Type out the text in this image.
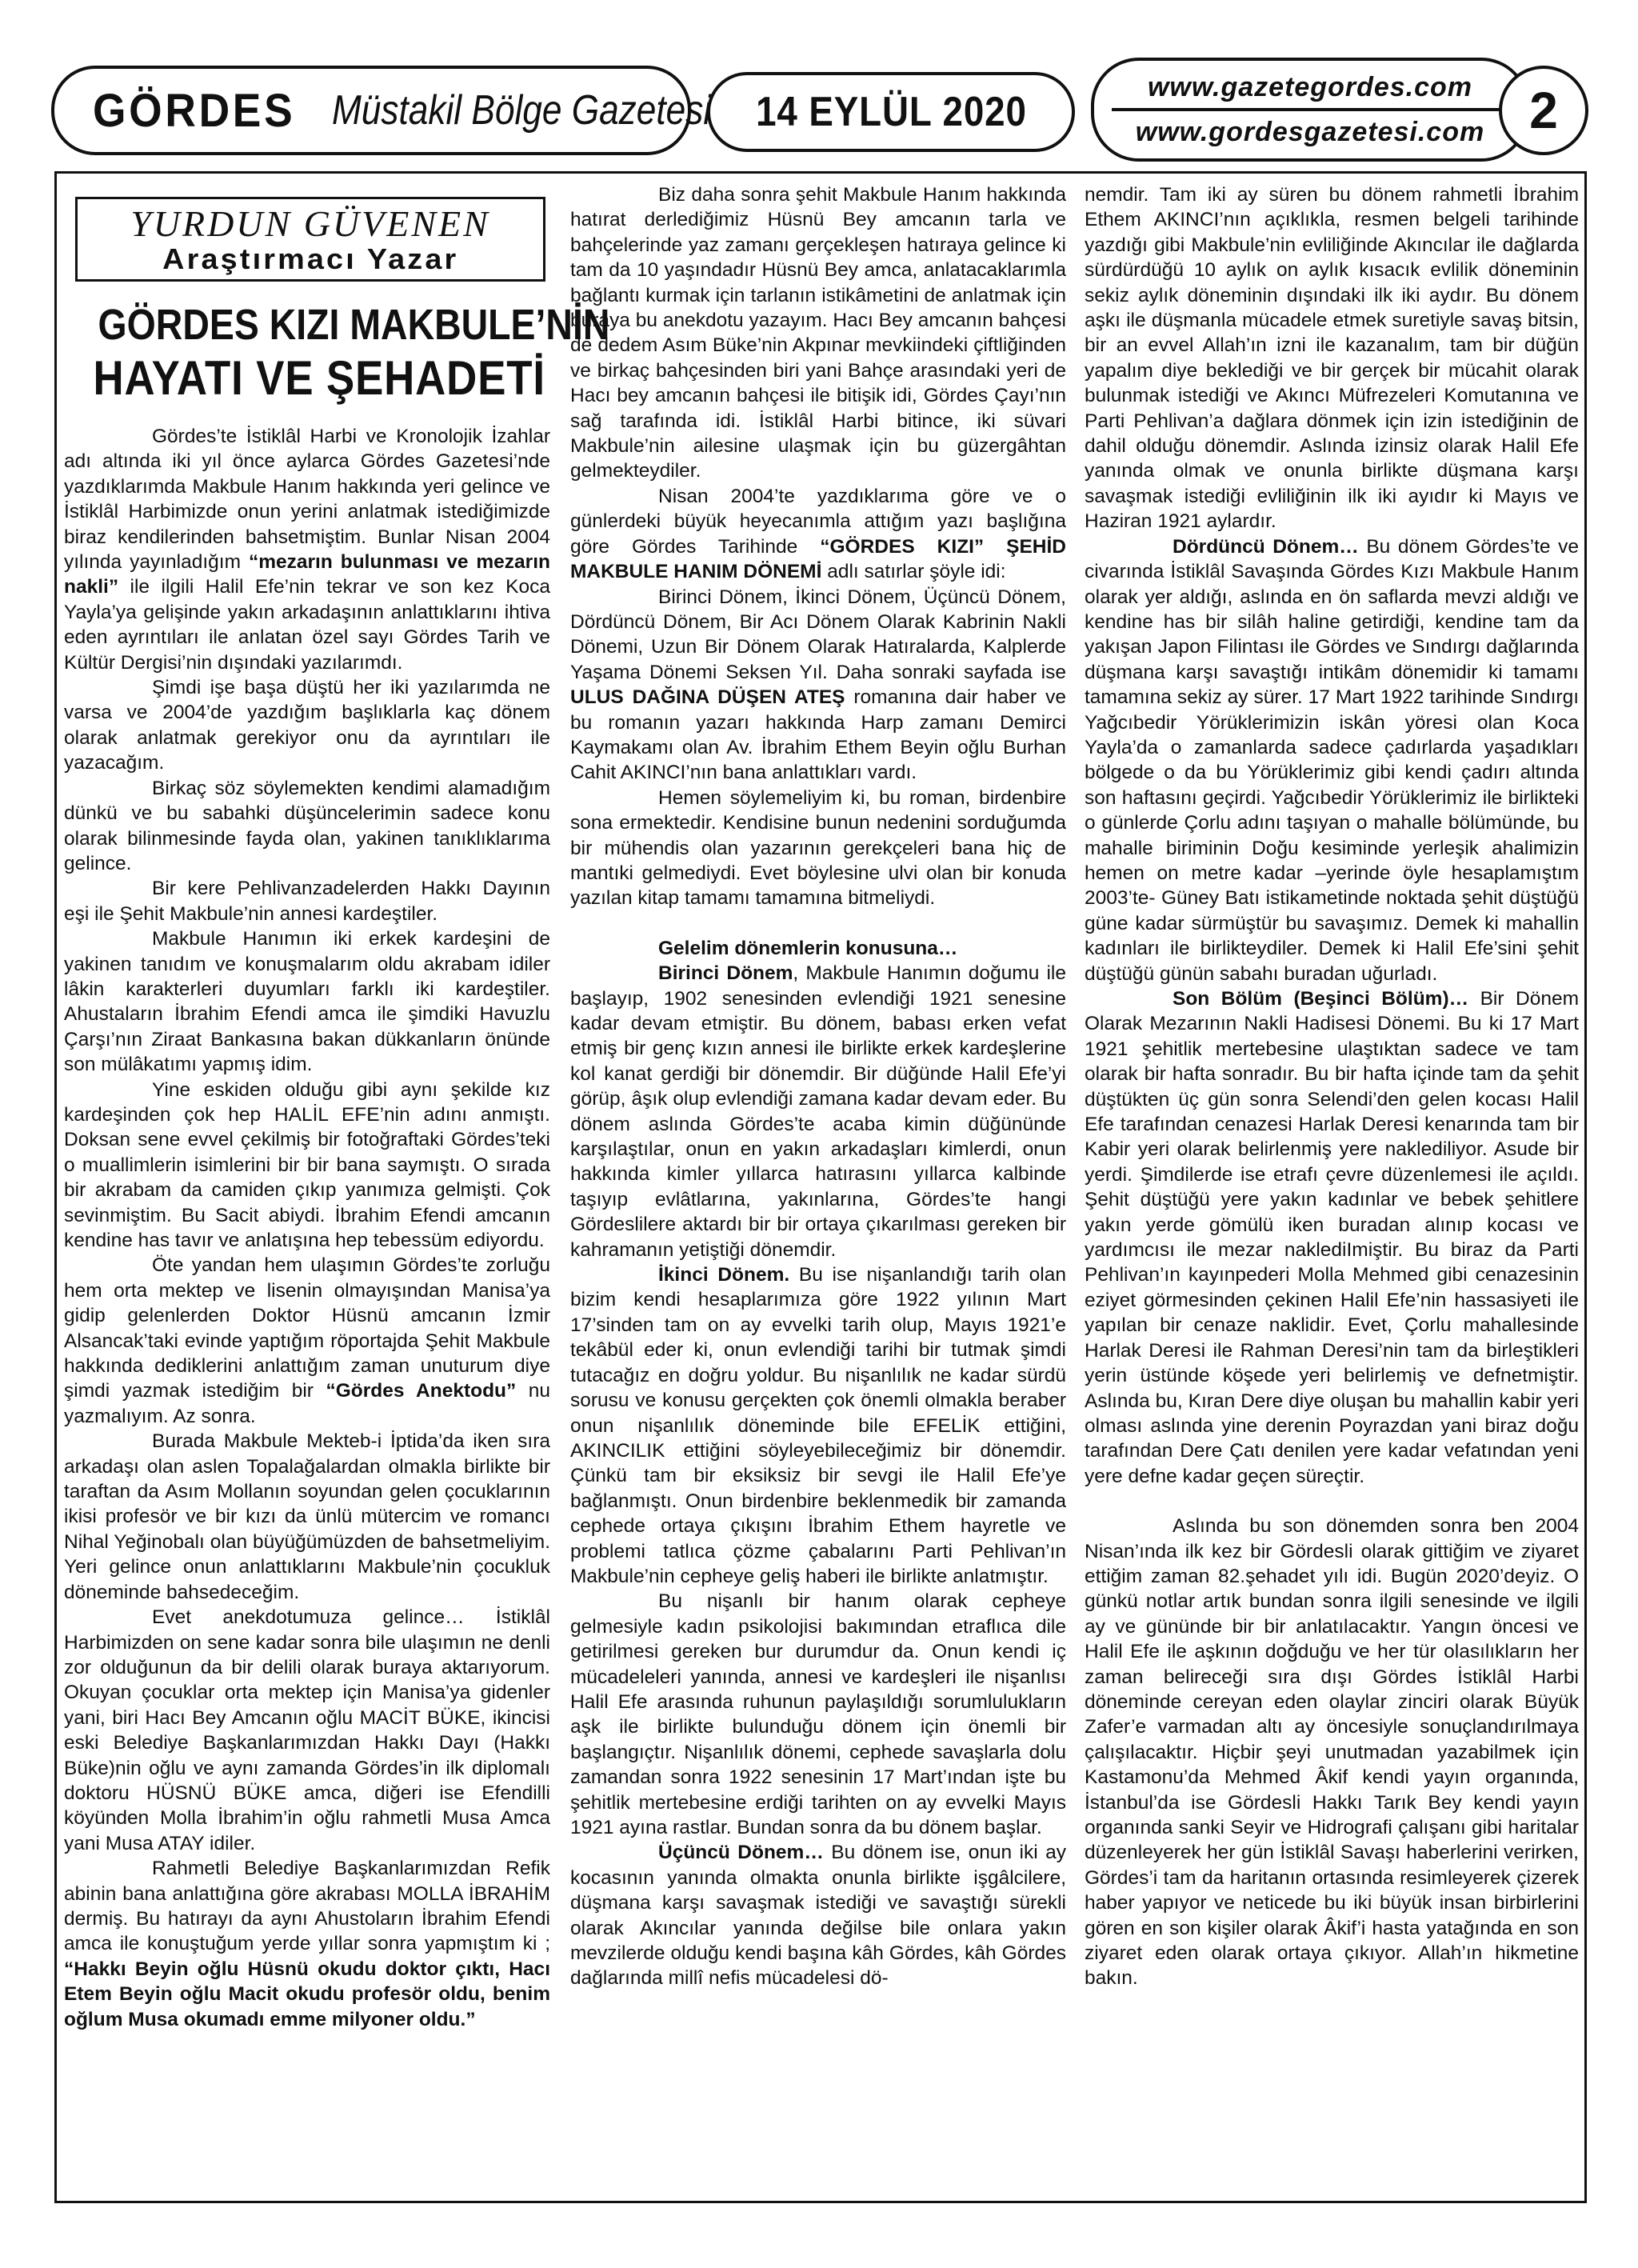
GÖRDES Müstakil Bölge Gazetesi 14 EYLÜL 2020
www.gazetegordes.com
www.gordesgazetesi.com 2
YURDUN GÜVENEN
Araştırmacı Yazar
GÖRDES KIZI MAKBULE’NİN
HAYATI VE ŞEHADETİ

Gördes’te İstiklâl Harbi ve Kronolojik İzahlar adı altında iki yıl önce aylarca Gördes Gazetesi’nde yazdıklarımda Makbule Hanım hakkında yeri gelince ve İstiklâl Harbimizde onun yerini anlatmak istediğimizde biraz kendilerinden bahsetmiştim. Bunlar Nisan 2004 yılında yayınladığım “mezarın bulunması ve mezarın nakli” ile ilgili Halil Efe’nin tekrar ve son kez Koca Yayla’ya gelişinde yakın arkadaşının anlattıklarını ihtiva eden ayrıntıları ile anlatan özel sayı Gördes Tarih ve Kültür Dergisi’nin dışındaki yazılarımdı.

Şimdi işe başa düştü her iki yazılarımda ne varsa ve 2004’de yazdığım başlıklarla kaç dönem olarak anlatmak gerekiyor onu da ayrıntıları ile yazacağım.

Birkaç söz söylemekten kendimi alamadığım dünkü ve bu sabahki düşüncelerimin sadece konu olarak bilinmesinde fayda olan, yakinen tanıklıklarıma gelince.

Bir kere Pehlivanzadelerden Hakkı Dayının eşi ile Şehit Makbule’nin annesi kardeştiler.

Makbule Hanımın iki erkek kardeşini de yakinen tanıdım ve konuşmalarım oldu akrabam idiler lâkin karakterleri duyumları farklı iki kardeştiler. Ahustaların İbrahim Efendi amca ile şimdiki Havuzlu Çarşı’nın Ziraat Bankasına bakan dükkanların önünde son mülâkatımı yapmış idim.

Yine eskiden olduğu gibi aynı şekilde kız kardeşinden çok hep HALİL EFE’nin adını anmıştı. Doksan sene evvel çekilmiş bir fotoğraftaki Gördes’teki o muallimlerin isimlerini bir bir bana saymıştı. O sırada bir akrabam da camiden çıkıp yanımıza gelmişti. Çok sevinmiştim. Bu Sacit abiydi. İbrahim Efendi amcanın kendine has tavır ve anlatışına hep tebessüm ediyordu.

Öte yandan hem ulaşımın Gördes’te zorluğu hem orta mektep ve lisenin olmayışından Manisa’ya gidip gelenlerden Doktor Hüsnü amcanın İzmir Alsancak’taki evinde yaptığım röportajda Şehit Makbule hakkında dediklerini anlattığım zaman unuturum diye şimdi yazmak istediğim bir “Gördes Anektodu” nu yazmalıyım. Az sonra.

Burada Makbule Mekteb-i İptida’da iken sıra arkadaşı olan aslen Topalağalardan olmakla birlikte bir taraftan da Asım Mollanın soyundan gelen çocuklarının ikisi profesör ve bir kızı da ünlü mütercim ve romancı Nihal Yeğinobalı olan büyüğümüzden de bahsetmeliyim. Yeri gelince onun anlattıklarını Makbule’nin çocukluk döneminde bahsedeceğim.

Evet anekdotumuza gelince… İstiklâl Harbimizden on sene kadar sonra bile ulaşımın ne denli zor olduğunun da bir delili olarak buraya aktarıyorum. Okuyan çocuklar orta mektep için Manisa’ya gidenler yani, biri Hacı Bey Amcanın oğlu MACİT BÜKE, ikincisi eski Belediye Başkanlarımızdan Hakkı Dayı (Hakkı Büke)nin oğlu ve aynı zamanda Gördes’in ilk diplomalı doktoru HÜSNÜ BÜKE amca, diğeri ise Efendilli köyünden Molla İbrahim’in oğlu rahmetli Musa Amca yani Musa ATAY idiler.

Rahmetli Belediye Başkanlarımızdan Refik abinin bana anlattığına göre akrabası MOLLA İBRAHİM dermiş. Bu hatırayı da aynı Ahustoların İbrahim Efendi amca ile konuştuğum yerde yıllar sonra yapmıştım ki ; “Hakkı Beyin oğlu Hüsnü okudu doktor çıktı, Hacı Etem Beyin oğlu Macit okudu profesör oldu, benim oğlum Musa okumadı emme milyoner oldu.”

Biz daha sonra şehit Makbule Hanım hakkında hatırat derlediğimiz Hüsnü Bey amcanın tarla ve bahçelerinde yaz zamanı gerçekleşen hatıraya gelince ki tam da 10 yaşındadır Hüsnü Bey amca, anlatacaklarımla bağlantı kurmak için tarlanın istikâmetini de anlatmak için buraya bu anekdotu yazayım. Hacı Bey amcanın bahçesi de dedem Asım Büke’nin Akpınar mevkiindeki çiftliğinden ve birkaç bahçesinden biri yani Bahçe arasındaki yeri de Hacı bey amcanın bahçesi ile bitişik idi, Gördes Çayı’nın sağ tarafında idi. İstiklâl Harbi bitince, iki süvari Makbule’nin ailesine ulaşmak için bu güzergâhtan gelmekteydiler.

Nisan 2004’te yazdıklarıma göre ve o günlerdeki büyük heyecanımla attığım yazı başlığına göre Gördes Tarihinde “GÖRDES KIZI” ŞEHİD MAKBULE HANIM DÖNEMİ adlı satırlar şöyle idi:

Birinci Dönem, İkinci Dönem, Üçüncü Dönem, Dördüncü Dönem, Bir Acı Dönem Olarak Kabrinin Nakli Dönemi, Uzun Bir Dönem Olarak Hatıralarda, Kalplerde Yaşama Dönemi Seksen Yıl. Daha sonraki sayfada ise ULUS DAĞINA DÜŞEN ATEŞ romanına dair haber ve bu romanın yazarı hakkında Harp zamanı Demirci Kaymakamı olan Av. İbrahim Ethem Beyin oğlu Burhan Cahit AKINCI’nın bana anlattıkları vardı.

Hemen söylemeliyim ki, bu roman, birdenbire sona ermektedir. Kendisine bunun nedenini sorduğumda bir mühendis olan yazarının gerekçeleri bana hiç de mantıki gelmediydi. Evet böylesine ulvi olan bir konuda yazılan kitap tamamı tamamına bitmeliydi.

Gelelim dönemlerin konusuna…

Birinci Dönem, Makbule Hanımın doğumu ile başlayıp, 1902 senesinden evlendiği 1921 senesine kadar devam etmiştir. Bu dönem, babası erken vefat etmiş bir genç kızın annesi ile birlikte erkek kardeşlerine kol kanat gerdiği bir dönemdir. Bir düğünde Halil Efe’yi görüp, âşık olup evlendiği zamana kadar devam eder. Bu dönem aslında Gördes’te acaba kimin düğününde karşılaştılar, onun en yakın arkadaşları kimlerdi, onun hakkında kimler yıllarca hatırasını yıllarca kalbinde taşıyıp evlâtlarına, yakınlarına, Gördes’te hangi Gördeslilere aktardı bir bir ortaya çıkarılması gereken bir kahramanın yetiştiği dönemdir.

İkinci Dönem. Bu ise nişanlandığı tarih olan bizim kendi hesaplarımıza göre 1922 yılının Mart 17’sinden tam on ay evvelki tarih olup, Mayıs 1921’e tekâbül eder ki, onun evlendiği tarihi bir tutmak şimdi tutacağız en doğru yoldur. Bu nişanlılık ne kadar sürdü sorusu ve konusu gerçekten çok önemli olmakla beraber onun nişanlılık döneminde bile EFELİK ettiğini, AKINCILIK ettiğini söyleyebileceğimiz bir dönemdir. Çünkü tam bir eksiksiz bir sevgi ile Halil Efe’ye bağlanmıştı. Onun birdenbire beklenmedik bir zamanda cephede ortaya çıkışını İbrahim Ethem hayretle ve problemi tatlıca çözme çabalarını Parti Pehlivan’ın Makbule’nin cepheye geliş haberi ile birlikte anlatmıştır.

Bu nişanlı bir hanım olarak cepheye gelmesiyle kadın psikolojisi bakımından etraflıca dile getirilmesi gereken bur durumdur da. Onun kendi iç mücadeleleri yanında, annesi ve kardeşleri ile nişanlısı Halil Efe arasında ruhunun paylaşıldığı sorumlulukların aşk ile birlikte bulunduğu dönem için önemli bir başlangıçtır. Nişanlılık dönemi, cephede savaşlarla dolu zamandan sonra 1922 senesinin 17 Mart’ından işte bu şehitlik mertebesine erdiği tarihten on ay evvelki Mayıs 1921 ayına rastlar. Bundan sonra da bu dönem başlar.

Üçüncü Dönem… Bu dönem ise, onun iki ay kocasının yanında olmakta onunla birlikte işgâlcilere, düşmana karşı savaşmak istediği ve savaştığı sürekli olarak Akıncılar yanında değilse bile onlara yakın mevzilerde olduğu kendi başına kâh Gördes, kâh Gördes dağlarında millî nefis mücadelesi dö-

nemdir. Tam iki ay süren bu dönem rahmetli İbrahim Ethem AKINCI’nın açıklıkla, resmen belgeli tarihinde yazdığı gibi Makbule’nin evliliğinde Akıncılar ile dağlarda sürdürdüğü 10 aylık on aylık kısacık evlilik döneminin sekiz aylık döneminin dışındaki ilk iki aydır. Bu dönem aşkı ile düşmanla mücadele etmek suretiyle savaş bitsin, bir an evvel Allah’ın izni ile kazanalım, tam bir düğün yapalım diye beklediği ve bir gerçek bir mücahit olarak bulunmak istediği ve Akıncı Müfrezeleri Komutanına ve Parti Pehlivan’a dağlara dönmek için izin istediğinin de dahil olduğu dönemdir. Aslında izinsiz olarak Halil Efe yanında olmak ve onunla birlikte düşmana karşı savaşmak istediği evliliğinin ilk iki ayıdır ki Mayıs ve Haziran 1921 aylardır.

Dördüncü Dönem… Bu dönem Gördes’te ve civarında İstiklâl Savaşında Gördes Kızı Makbule Hanım olarak yer aldığı, aslında en ön saflarda mevzi aldığı ve kendine has bir silâh haline getirdiği, kendine tam da yakışan Japon Filintası ile Gördes ve Sındırgı dağlarında düşmana karşı savaştığı intikâm dönemidir ki tamamı tamamına sekiz ay sürer. 17 Mart 1922 tarihinde Sındırgı Yağcıbedir Yörüklerimizin iskân yöresi olan Koca Yayla’da o zamanlarda sadece çadırlarda yaşadıkları bölgede o da bu Yörüklerimiz gibi kendi çadırı altında son haftasını geçirdi. Yağcıbedir Yörüklerimiz ile birlikteki o günlerde Çorlu adını taşıyan o mahalle bölümünde, bu mahalle biriminin Doğu kesiminde yerleşik ahalimizin hemen on metre kadar –yerinde öyle hesaplamıştım 2003’te- Güney Batı istikametinde noktada şehit düştüğü güne kadar sürmüştür bu savaşımız. Demek ki mahallin kadınları ile birlikteydiler. Demek ki Halil Efe’sini şehit düştüğü günün sabahı buradan uğurladı.

Son Bölüm (Beşinci Bölüm)… Bir Dönem Olarak Mezarının Nakli Hadisesi Dönemi. Bu ki 17 Mart 1921 şehitlik mertebesine ulaştıktan sadece ve tam olarak bir hafta sonradır. Bu bir hafta içinde tam da şehit düştükten üç gün sonra Selendi’den gelen kocası Halil Efe tarafından cenazesi Harlak Deresi kenarında tam bir Kabir yeri olarak belirlenmiş yere naklediliyor. Asude bir yerdi. Şimdilerde ise etrafı çevre düzenlemesi ile açıldı. Şehit düştüğü yere yakın kadınlar ve bebek şehitlere yakın yerde gömülü iken buradan alınıp kocası ve yardımcısı ile mezar naklediImiştir. Bu biraz da Parti Pehlivan’ın kayınpederi Molla Mehmed gibi cenazesinin eziyet görmesinden çekinen Halil Efe’nin hassasiyeti ile yapılan bir cenaze naklidir. Evet, Çorlu mahallesinde Harlak Deresi ile Rahman Deresi’nin tam da birleştikleri yerin üstünde köşede yeri belirlemiş ve defnetmiştir. Aslında bu, Kıran Dere diye oluşan bu mahallin kabir yeri olması aslında yine derenin Poyrazdan yani biraz doğu tarafından Dere Çatı denilen yere kadar vefatından yeni yere defne kadar geçen süreçtir.

Aslında bu son dönemden sonra ben 2004 Nisan’ında ilk kez bir Gördesli olarak gittiğim ve ziyaret ettiğim zaman 82.şehadet yılı idi. Bugün 2020’deyiz. O günkü notlar artık bundan sonra ilgili senesinde ve ilgili ay ve gününde bir bir anlatılacaktır. Yangın öncesi ve Halil Efe ile aşkının doğduğu ve her tür olasılıkların her zaman belireceği sıra dışı Gördes İstiklâl Harbi döneminde cereyan eden olaylar zinciri olarak Büyük Zafer’e varmadan altı ay öncesiyle sonuçlandırılmaya çalışılacaktır. Hiçbir şeyi unutmadan yazabilmek için Kastamonu’da Mehmed Âkif kendi yayın organında, İstanbul’da ise Gördesli Hakkı Tarık Bey kendi yayın organında sanki Seyir ve Hidrografi çalışanı gibi haritalar düzenleyerek her gün İstiklâl Savaşı haberlerini verirken, Gördes’i tam da haritanın ortasında resimleyerek çizerek haber yapıyor ve neticede bu iki büyük insan birbirlerini gören en son kişiler olarak Âkif’i hasta yatağında en son ziyaret eden olarak ortaya çıkıyor. Allah’ın hikmetine bakın.
